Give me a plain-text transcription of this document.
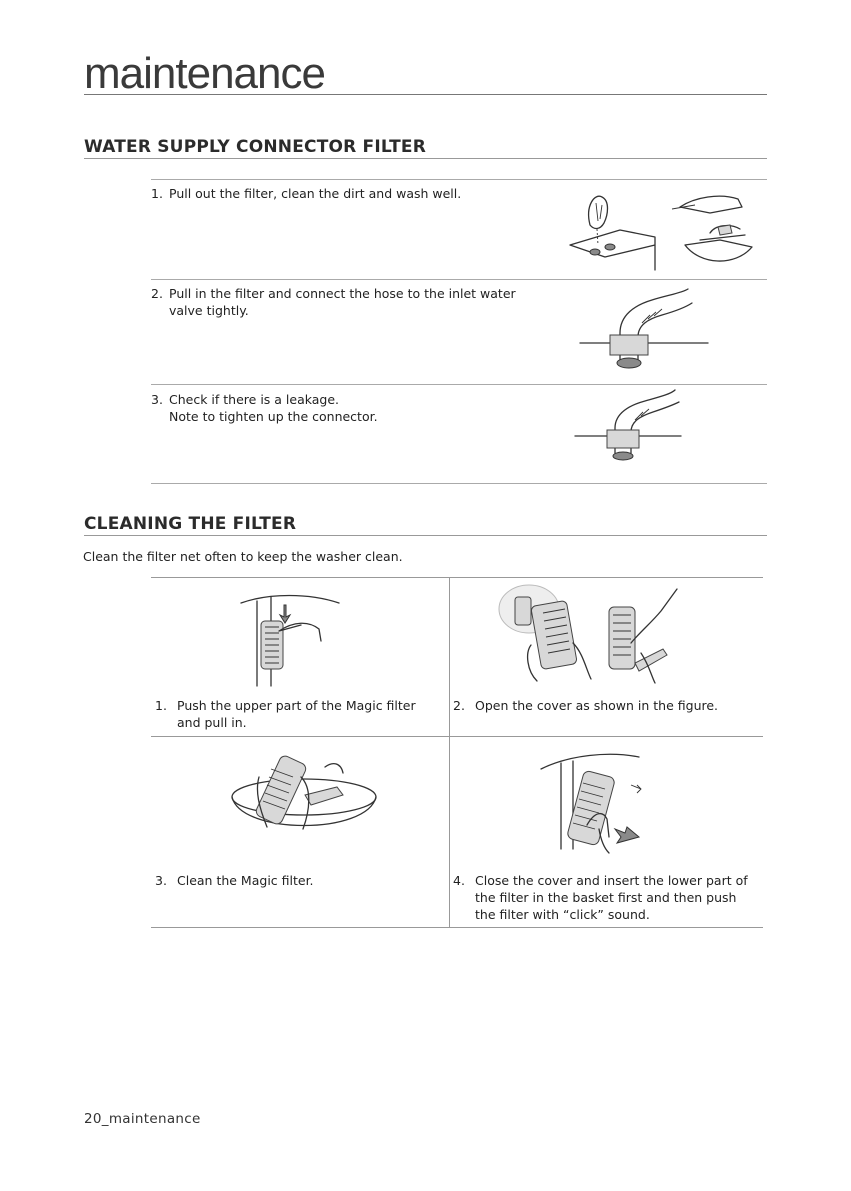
maintenance
WATER SUPPLY CONNECTOR FILTER
1. Pull out the filter, clean the dirt and wash well.
2. Pull in the filter and connect the hose to the inlet water
valve tightly.
3. Check if there is a leakage.
Note to tighten up the connector.
CLEANING THE FILTER
Clean the filter net often to keep the washer clean.
1. Push the upper part of the Magic filter
and pull in.
2. Open the cover as shown in the figure.
3. Clean the Magic filter.	4. Close the cover and insert the lower part of
the filter in the basket first and then push
the filter with “click” sound.
20_maintenance
